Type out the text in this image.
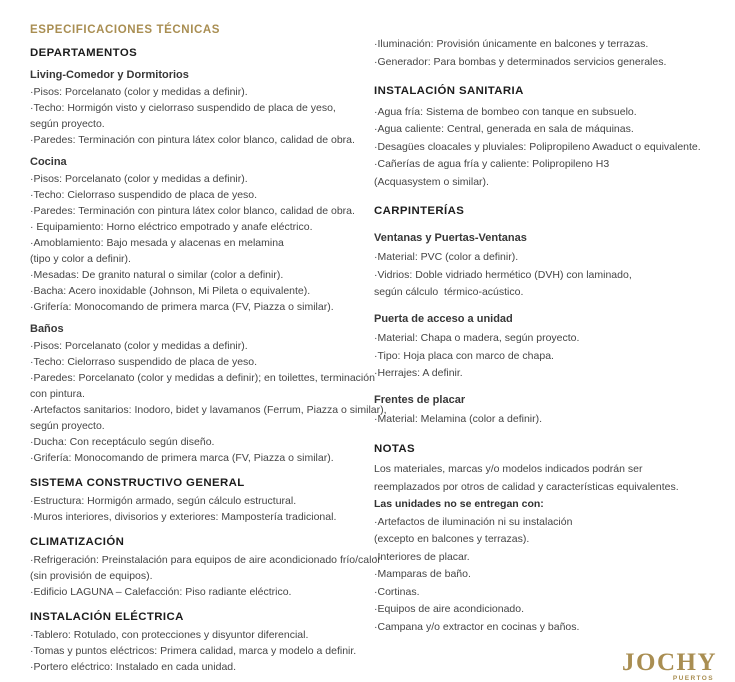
ESPECIFICACIONES TÉCNICAS
DEPARTAMENTOS
Living-Comedor y Dormitorios
·Pisos: Porcelanato (color y medidas a definir).
·Techo: Hormigón visto y cielorraso suspendido de placa de yeso,
según proyecto.
·Paredes: Terminación con pintura látex color blanco, calidad de obra.
Cocina
·Pisos: Porcelanato (color y medidas a definir).
·Techo: Cielorraso suspendido de placa de yeso.
·Paredes: Terminación con pintura látex color blanco, calidad de obra.
· Equipamiento: Horno eléctrico empotrado y anafe eléctrico.
·Amoblamiento: Bajo mesada y alacenas en melamina
(tipo y color a definir).
·Mesadas: De granito natural o similar (color a definir).
·Bacha: Acero inoxidable (Johnson, Mi Pileta o equivalente).
·Grifería: Monocomando de primera marca (FV, Piazza o similar).
Baños
·Pisos: Porcelanato (color y medidas a definir).
·Techo: Cielorraso suspendido de placa de yeso.
·Paredes: Porcelanato (color y medidas a definir); en toilettes, terminación
con pintura.
·Artefactos sanitarios: Inodoro, bidet y lavamanos (Ferrum, Piazza o similar),
según proyecto.
·Ducha: Con receptáculo según diseño.
·Grifería: Monocomando de primera marca (FV, Piazza o similar).
SISTEMA CONSTRUCTIVO GENERAL
·Estructura: Hormigón armado, según cálculo estructural.
·Muros interiores, divisorios y exteriores: Mampostería tradicional.
CLIMATIZACIÓN
·Refrigeración: Preinstalación para equipos de aire acondicionado frío/calor
(sin provisión de equipos).
·Edificio LAGUNA – Calefacción: Piso radiante eléctrico.
INSTALACIÓN ELÉCTRICA
·Tablero: Rotulado, con protecciones y disyuntor diferencial.
·Tomas y puntos eléctricos: Primera calidad, marca y modelo a definir.
·Portero eléctrico: Instalado en cada unidad.
·Iluminación: Provisión únicamente en balcones y terrazas.
·Generador: Para bombas y determinados servicios generales.
INSTALACIÓN SANITARIA
·Agua fría: Sistema de bombeo con tanque en subsuelo.
·Agua caliente: Central, generada en sala de máquinas.
·Desagües cloacales y pluviales: Polipropileno Awaduct o equivalente.
·Cañerías de agua fría y caliente: Polipropileno H3
(Acquasystem o similar).
CARPINTERÍAS
Ventanas y Puertas-Ventanas
·Material: PVC (color a definir).
·Vidrios: Doble vidriado hermético (DVH) con laminado,
según cálculo  térmico-acústico.
Puerta de acceso a unidad
·Material: Chapa o madera, según proyecto.
·Tipo: Hoja placa con marco de chapa.
·Herrajes: A definir.
Frentes de placar
·Material: Melamina (color a definir).
NOTAS
Los materiales, marcas y/o modelos indicados podrán ser
reemplazados por otros de calidad y características equivalentes.
Las unidades no se entregan con:
·Artefactos de iluminación ni su instalación
(excepto en balcones y terrazas).
·Interiores de placar.
·Mamparas de baño.
·Cortinas.
·Equipos de aire acondicionado.
·Campana y/o extractor en cocinas y baños.
JOCHY
PUERTOS
